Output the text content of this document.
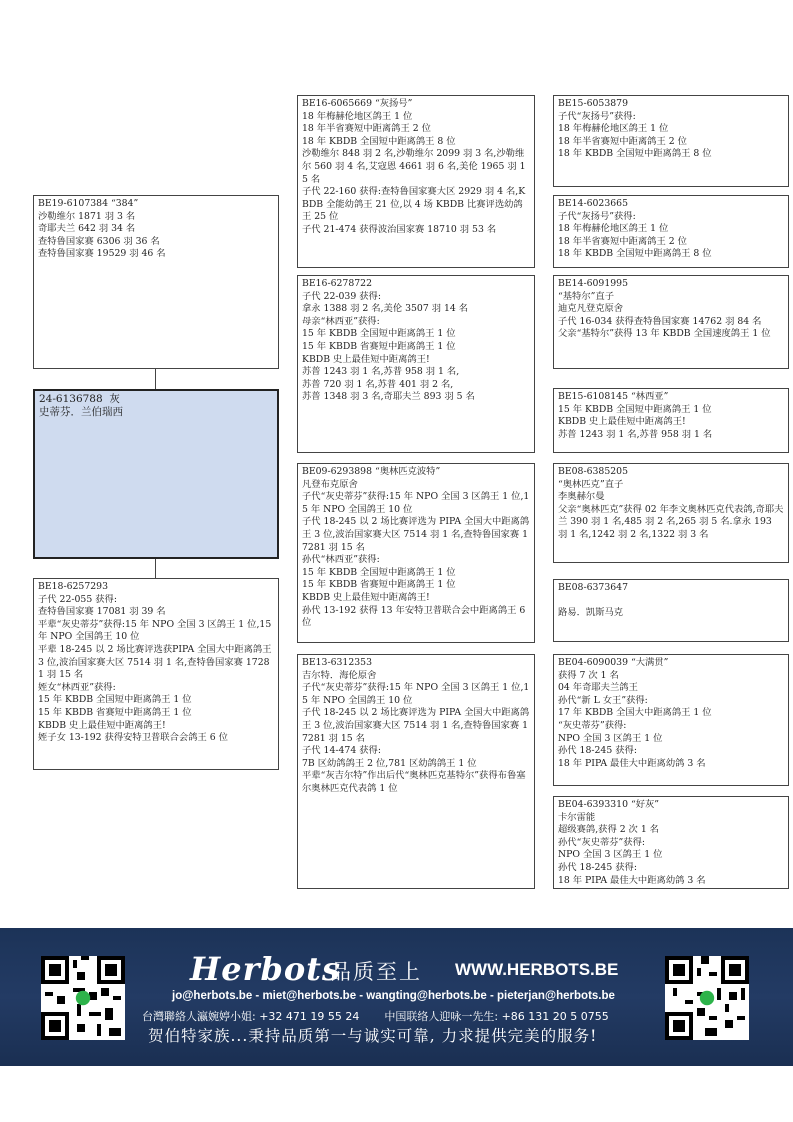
BE19-6107384 “384”
沙勒维尔 1871 羽 3 名
奇耶夫兰 642 羽 34 名
查特鲁国家赛 6306 羽 36 名
查特鲁国家赛 19529 羽 46 名
24-6136788  灰
史蒂芬．兰伯瑞西
BE18-6257293
子代 22-055 获得:
查特鲁国家赛 17081 羽 39 名
平辈“灰史蒂芬”获得:15 年 NPO 全国 3 区鸽王 1 位,15 年 NPO 全国鸽王 10 位
平辈 18-245 以 2 场比赛评选获PIPA 全国大中距离鸽王 3 位,波治国家赛大区 7514 羽 1 名,查特鲁国家赛 17281 羽 15 名
姪女“林西亚”获得:
15 年 KBDB 全国短中距离鸽王 1 位
15 年 KBDB 省赛短中距离鸽王 1 位
KBDB 史上最佳短中距离鸽王!
姪子女 13-192 获得安特卫普联合会鸽王 6 位
BE16-6065669 “灰扬号”
18 年梅赫伦地区鸽王 1 位
18 年半省赛短中距离鸽王 2 位
18 年 KBDB 全国短中距离鸽王 8 位
沙勒维尔 848 羽 2 名,沙勒维尔 2099 羽 3 名,沙勒维尔 560 羽 4 名,艾寇恩 4661 羽 6 名,美伦 1965 羽 15 名
子代 22-160 获得:查特鲁国家赛大区 2929 羽 4 名,KBDB 全能幼鸽王 21 位,以 4 场 KBDB 比赛评选幼鸽王 25 位
子代 21-474 获得波治国家赛 18710 羽 53 名
BE16-6278722
子代 22-039 获得:
拿永 1388 羽 2 名,美伦 3507 羽 14 名
母亲“林西亚”获得:
15 年 KBDB 全国短中距离鸽王 1 位
15 年 KBDB 省赛短中距离鸽王 1 位
KBDB 史上最佳短中距离鸽王!
苏普 1243 羽 1 名,苏普 958 羽 1 名,
苏普 720 羽 1 名,苏普 401 羽 2 名,
苏普 1348 羽 3 名,奇耶夫兰 893 羽 5 名
BE09-6293898 “奥林匹克波特”
凡登布克原舍
子代“灰史蒂芬”获得:15 年 NPO 全国 3 区鸽王 1 位,15 年 NPO 全国鸽王 10 位
子代 18-245 以 2 场比赛评选为 PIPA 全国大中距离鸽王 3 位,波治国家赛大区 7514 羽 1 名,查特鲁国家赛 17281 羽 15 名
孙代“林西亚”获得:
15 年 KBDB 全国短中距离鸽王 1 位
15 年 KBDB 省赛短中距离鸽王 1 位
KBDB 史上最佳短中距离鸽王!
孙代 13-192 获得 13 年安特卫普联合会中距离鸽王 6 位
BE13-6312353
吉尔特．海伦原舍
子代“灰史蒂芬”获得:15 年 NPO 全国 3 区鸽王 1 位,15 年 NPO 全国鸽王 10 位
子代 18-245 以 2 场比赛评选为 PIPA 全国大中距离鸽王 3 位,波治国家赛大区 7514 羽 1 名,查特鲁国家赛 17281 羽 15 名
子代 14-474 获得:
7B 区幼鸽鸽王 2 位,781 区幼鸽鸽王 1 位
平辈“灰吉尔特”作出后代“奥林匹克基特尔”获得布鲁塞尔奥林匹克代表鸽 1 位
BE15-6053879
子代“灰扬号”获得:
18 年梅赫伦地区鸽王 1 位
18 年半省赛短中距离鸽王 2 位
18 年 KBDB 全国短中距离鸽王 8 位
BE14-6023665
子代“灰扬号”获得:
18 年梅赫伦地区鸽王 1 位
18 年半省赛短中距离鸽王 2 位
18 年 KBDB 全国短中距离鸽王 8 位
BE14-6091995
“基特尔”直子
迪克凡登克原舍
子代 16-034 获得查特鲁国家赛 14762 羽 84 名
父亲“基特尔”获得 13 年 KBDB 全国速度鸽王 1 位
BE15-6108145 “林西亚”
15 年 KBDB 全国短中距离鸽王 1 位
KBDB 史上最佳短中距离鸽王!
苏普 1243 羽 1 名,苏普 958 羽 1 名
BE08-6385205
“奥林匹克”直子
李奥赫尔曼
父亲“奥林匹克”获得 02 年李文奥林匹克代表鸽,奇耶夫兰 390 羽 1 名,485 羽 2 名,265 羽 5 名.拿永 193 羽 1 名,1242 羽 2 名,1322 羽 3 名
BE08-6373647

路易．凯斯马克
BE04-6090039 “大满贯”
获得 7 次 1 名
04 年奇耶夫兰鸽王
孙代“新 L 女王”获得:
17 年 KBDB 全国大中距离鸽王 1 位
“灰史蒂芬”获得:
NPO 全国 3 区鸽王 1 位
孙代 18-245 获得:
18 年 PIPA 最佳大中距离幼鸽 3 名
BE04-6393310 “好灰”
卡尔雷能
超级赛鸽,获得 2 次 1 名
孙代“灰史蒂芬”获得:
NPO 全国 3 区鸽王 1 位
孙代 18-245 获得:
18 年 PIPA 最佳大中距离幼鸽 3 名
Herbots
品质至上 WWW.HERBOTS.BE
jo@herbots.be - miet@herbots.be - wangting@herbots.be - pieterjan@herbots.be
台灣聯絡人瀛婉婷小姐: +32 471 19 55 24 中国联络人迎咏一先生: +86 131 20 5 0755
贺伯特家族...秉持品质第一与诚实可靠, 力求提供完美的服务!
